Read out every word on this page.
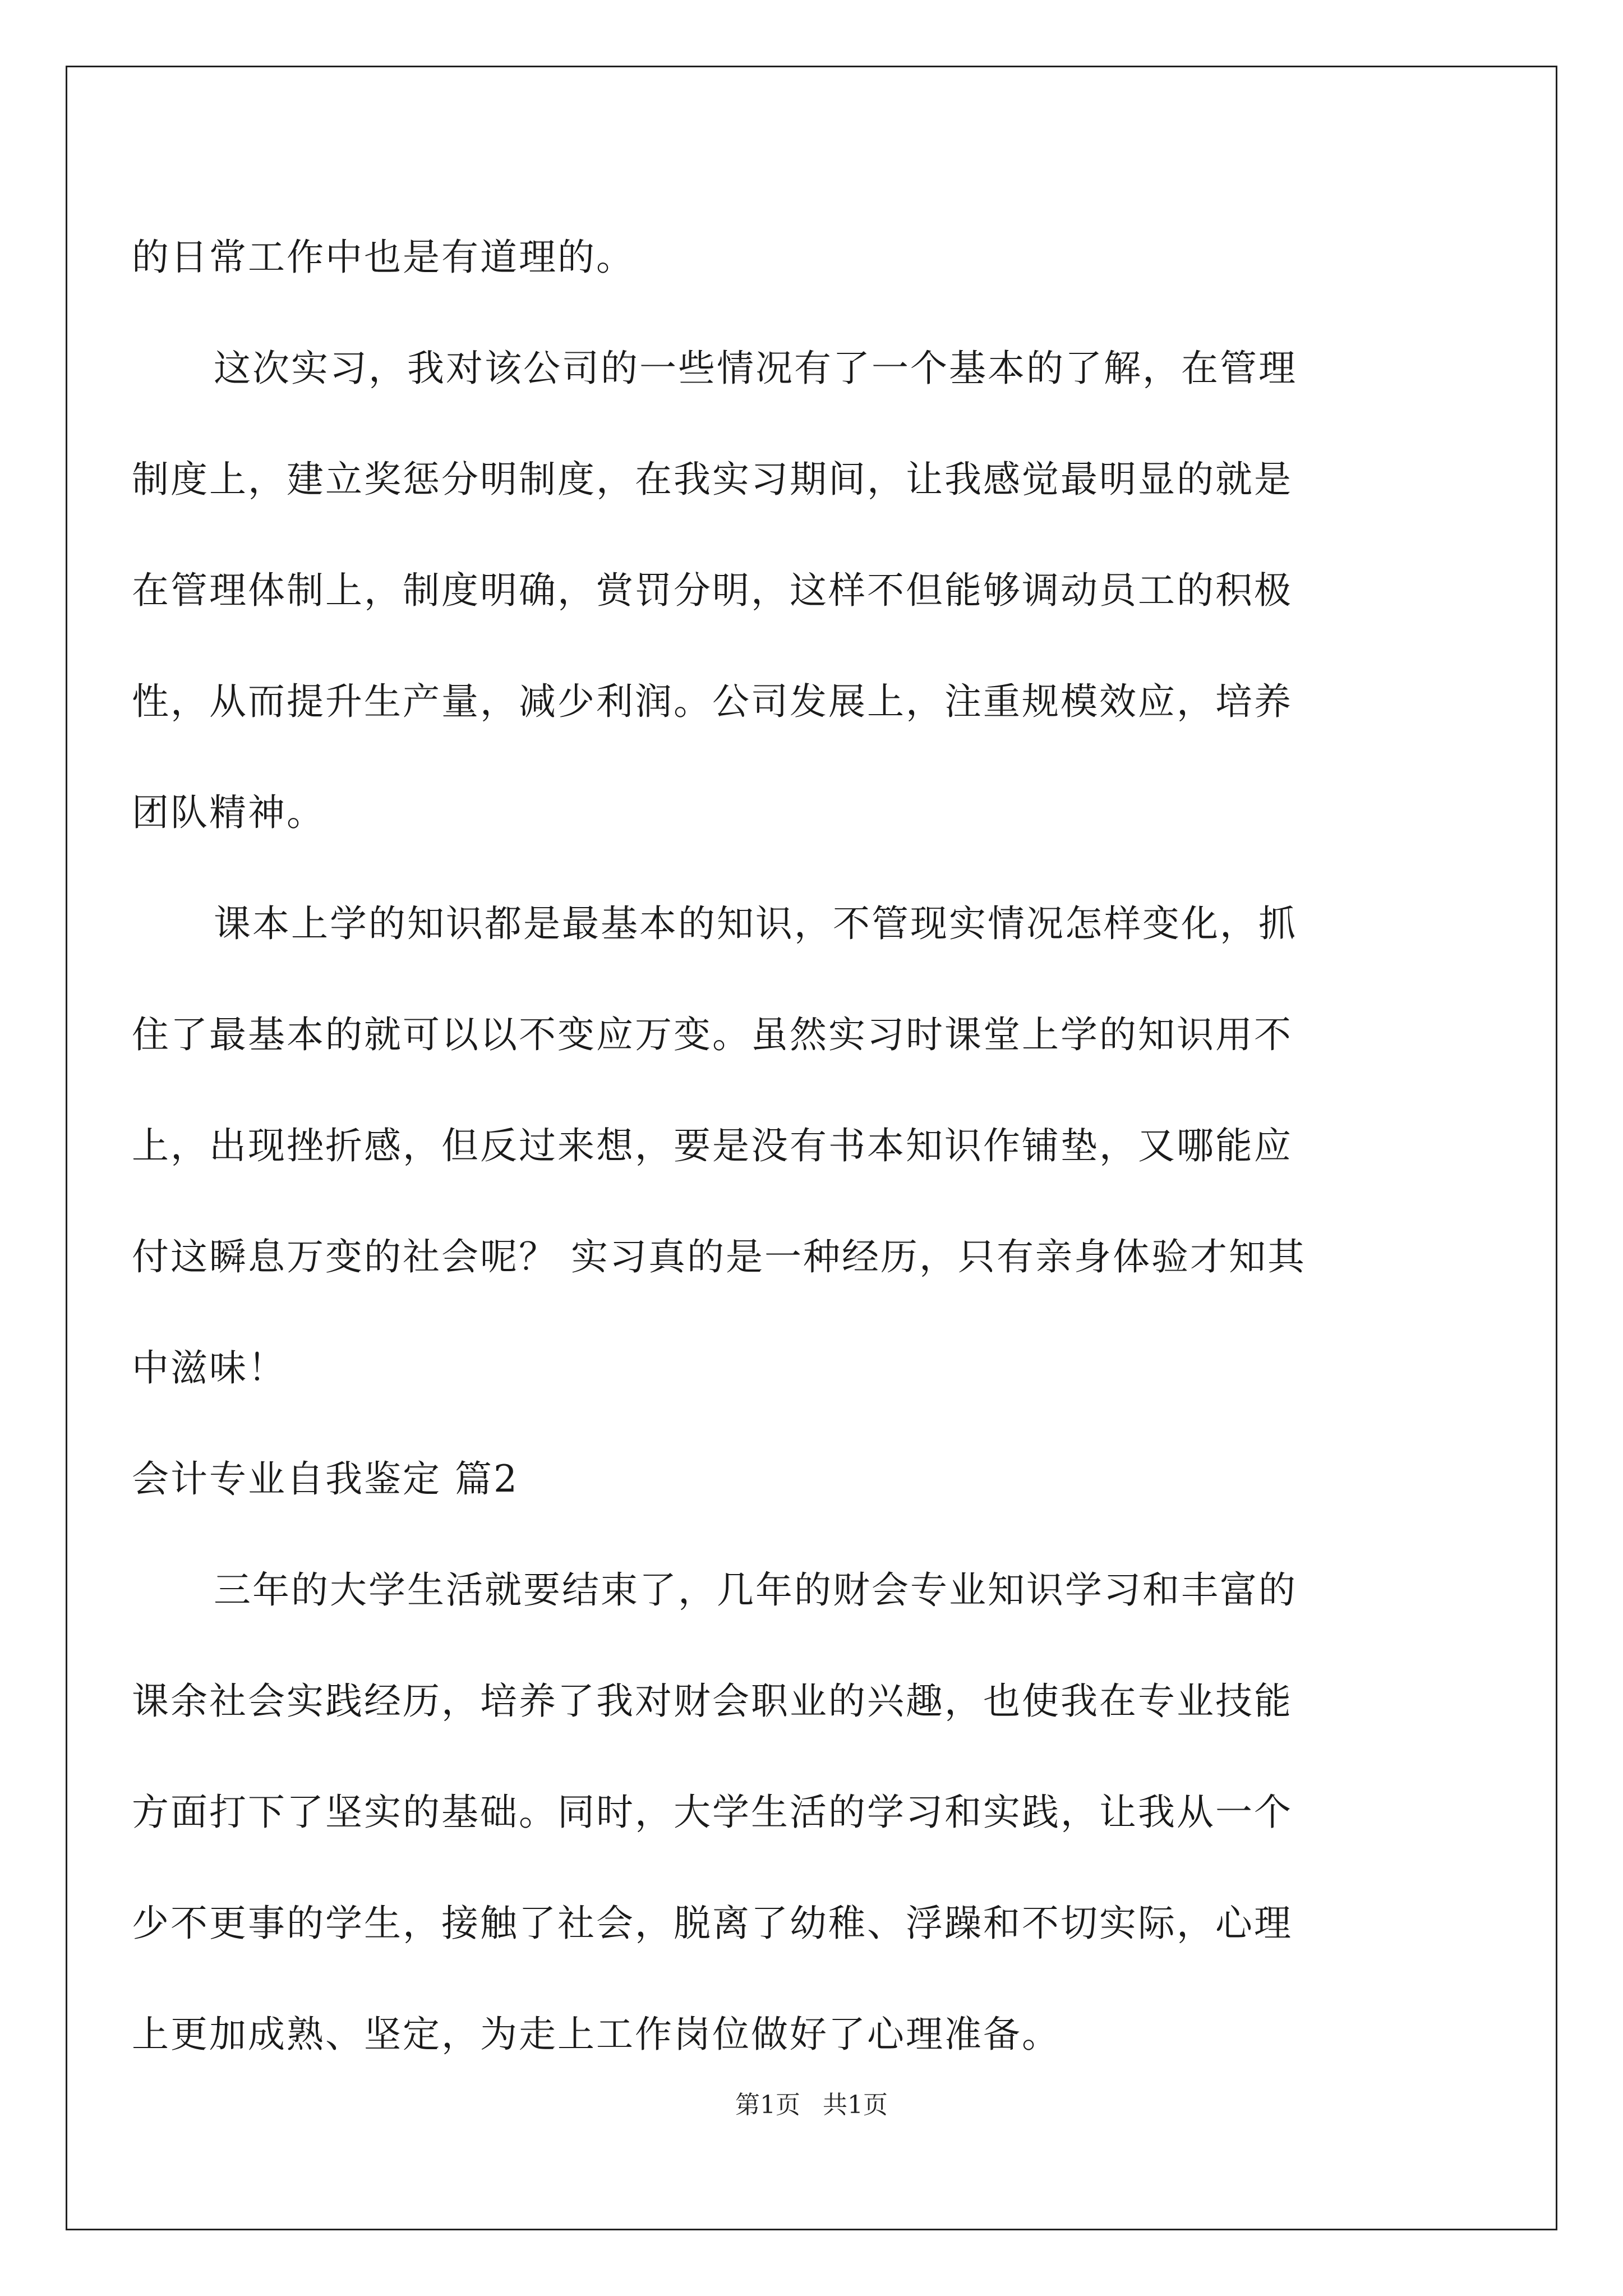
的日常工作中也是有道理的。

这次实习，我对该公司的一些情况有了一个基本的了解，在管理
制度上，建立奖惩分明制度，在我实习期间，让我感觉最明显的就是
在管理体制上，制度明确，赏罚分明，这样不但能够调动员工的积极
性，从而提升生产量，减少利润。公司发展上，注重规模效应，培养
团队精神。

课本上学的知识都是最基本的知识，不管现实情况怎样变化，抓
住了最基本的就可以以不变应万变。虽然实习时课堂上学的知识用不
上，出现挫折感，但反过来想，要是没有书本知识作铺垫，又哪能应
付这瞬息万变的社会呢？ 实习真的是一种经历，只有亲身体验才知其
中滋味！

会计专业自我鉴定 篇2

三年的大学生活就要结束了，几年的财会专业知识学习和丰富的
课余社会实践经历，培养了我对财会职业的兴趣，也使我在专业技能
方面打下了坚实的基础。同时，大学生活的学习和实践，让我从一个
少不更事的学生，接触了社会，脱离了幼稚、浮躁和不切实际，心理
上更加成熟、坚定，为走上工作岗位做好了心理准备。

第1页 共1页
